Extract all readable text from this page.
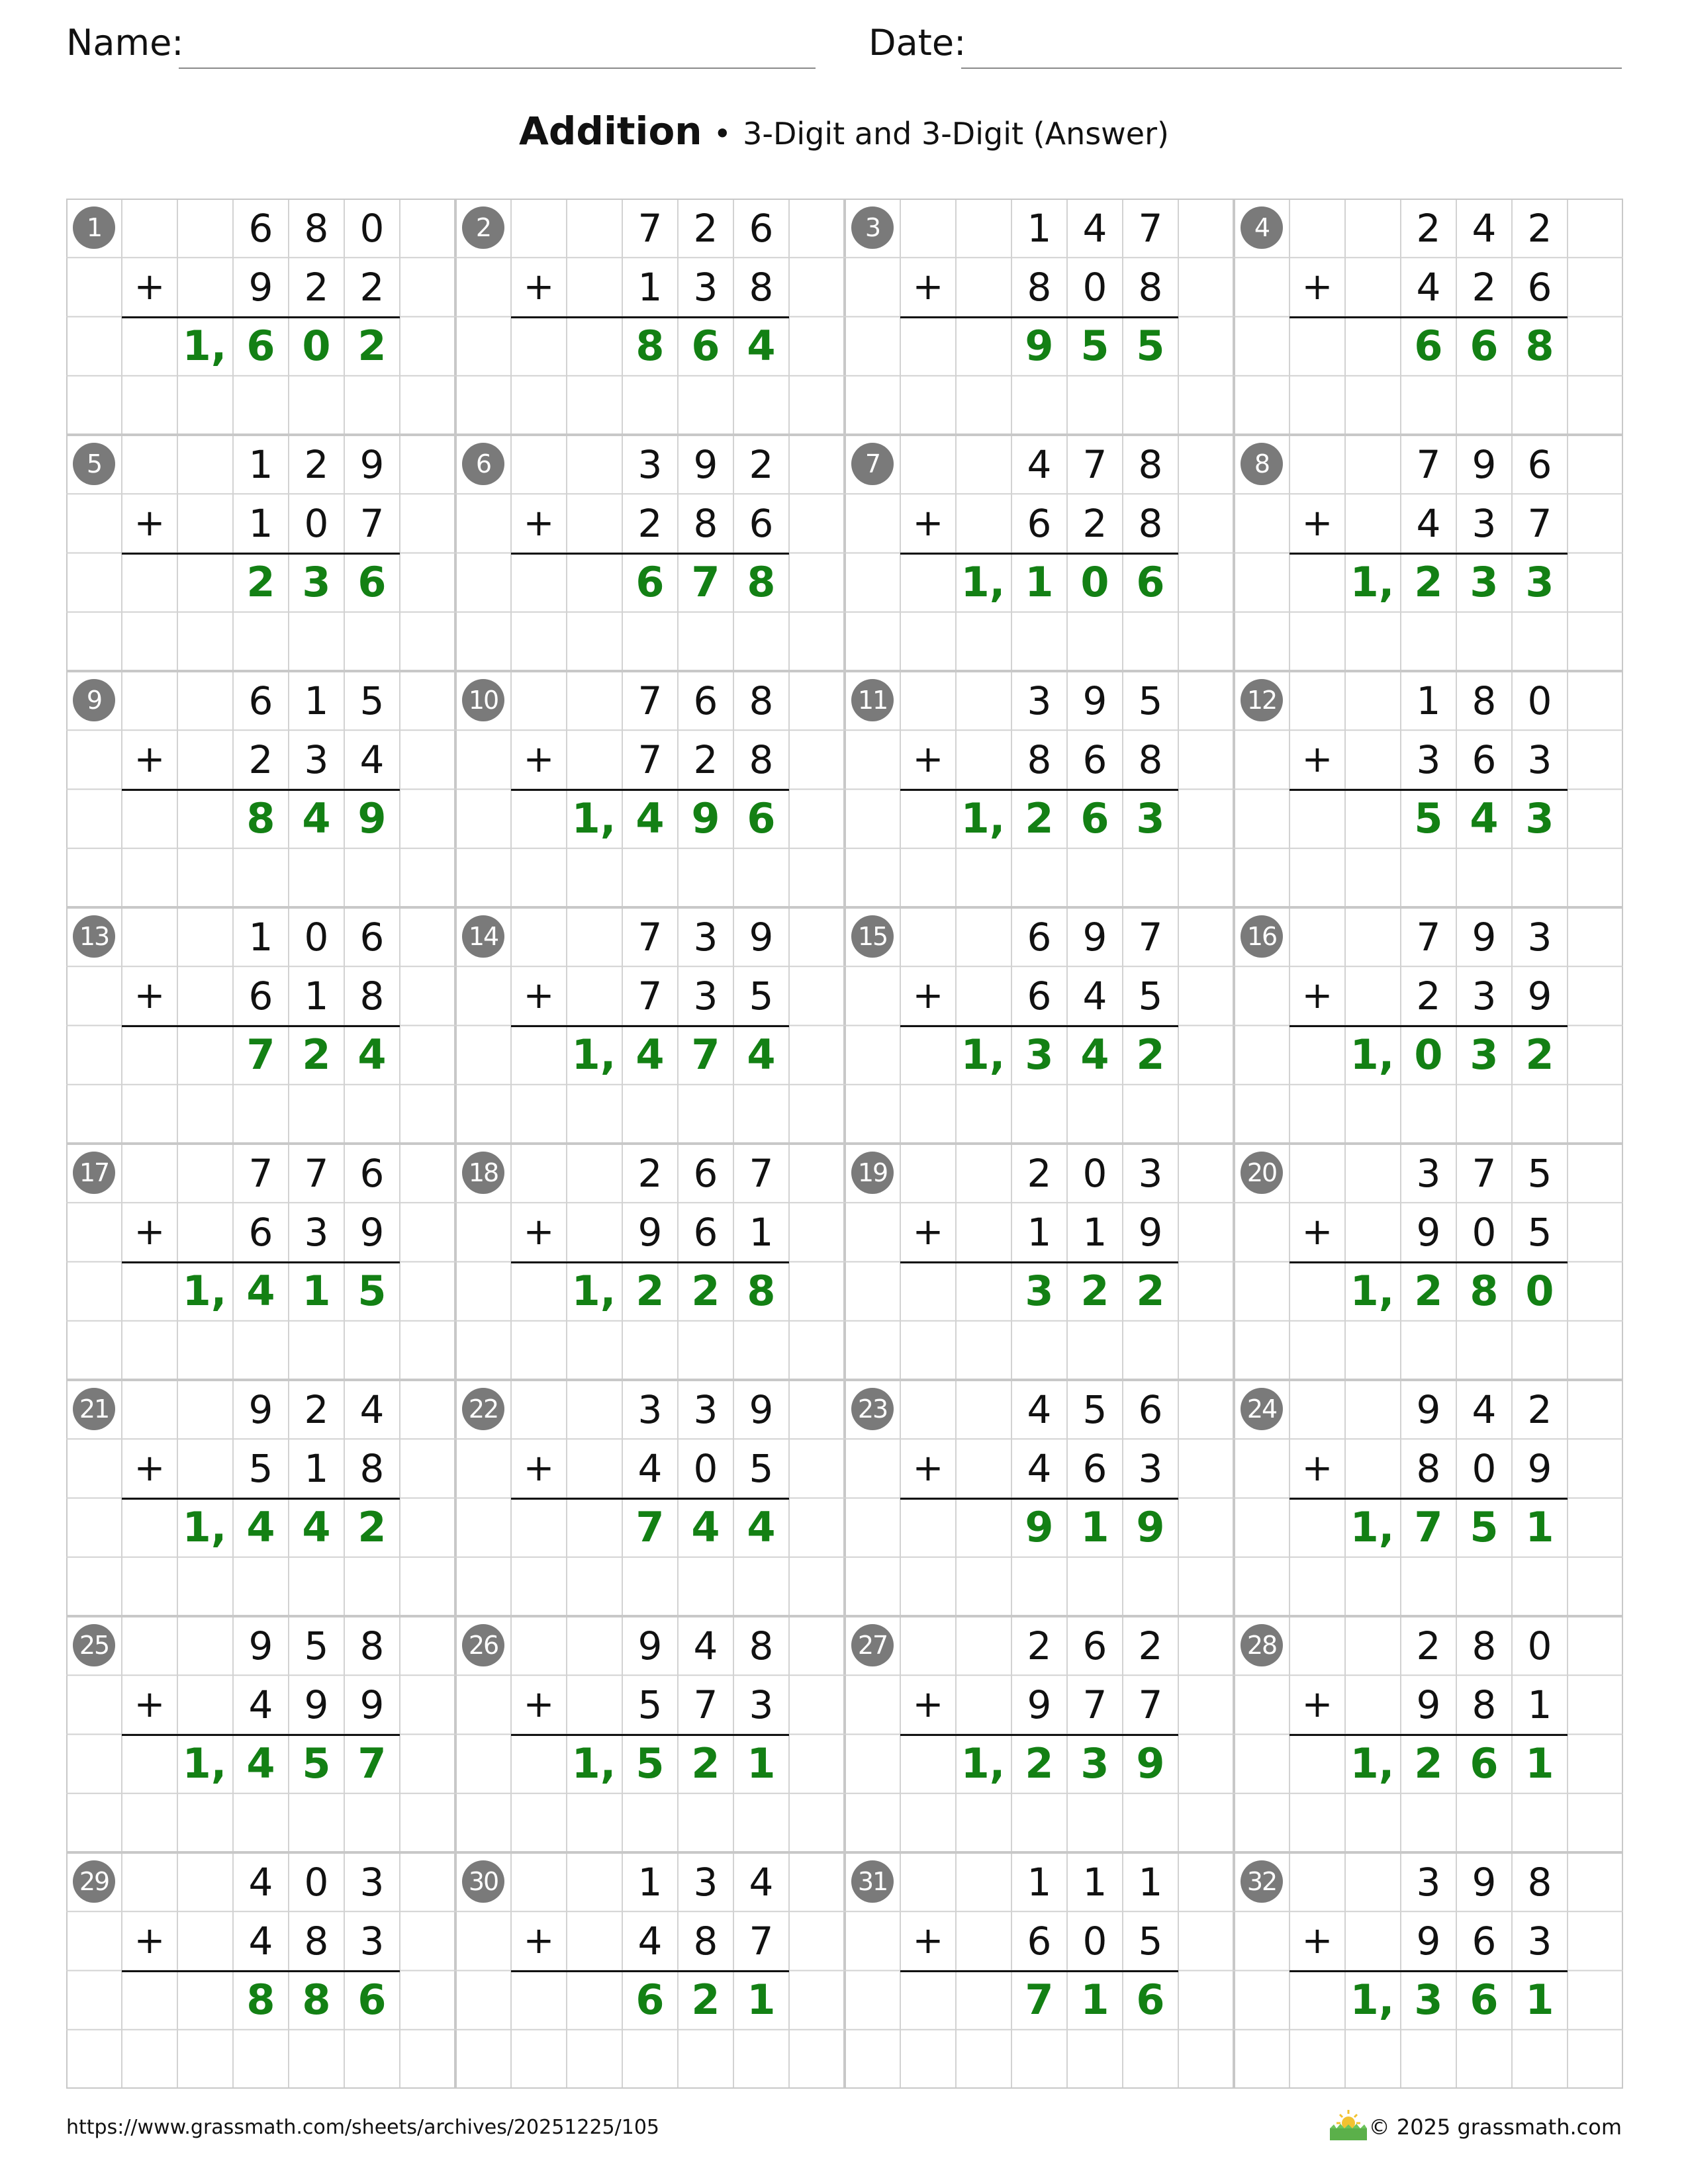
Name:	Date:
Addition • 3-Digit and 3-Digit (Answer)
1	6 8 0
+	9 2 2
1 , 6 0 2
2	7 2 6
+	1 3 8
8 6 4
3	1 4 7
+	8 0 8
9 5 5
4	2 4 2
+	4 2 6
6 6 8
5	1 2 9
+	1 0 7
2 3 6
6	3 9 2
+	2 8 6
6 7 8
7	4 7 8
+	6 2 8
1 , 1 0 6
8	7 9 6
+	4 3 7
1 , 2 3 3
9	6 1 5
+	2 3 4
8 4 9
10	7 6 8
+	7 2 8
1 , 4 9 6
11	3 9 5
+	8 6 8
1 , 2 6 3
12	1 8 0
+	3 6 3
5 4 3
13	1 0 6
+	6 1 8
7 2 4
14	7 3 9
+	7 3 5
1 , 4 7 4
15	6 9 7
+	6 4 5
1 , 3 4 2
16	7 9 3
+	2 3 9
1 , 0 3 2
17	7 7 6
+	6 3 9
1 , 4 1 5
18	2 6 7
+	9 6 1
1 , 2 2 8
19	2 0 3
+	1 1 9
3 2 2
20	3 7 5
+	9 0 5
1 , 2 8 0
21	9 2 4
+	5 1 8
1 , 4 4 2
22	3 3 9
+	4 0 5
7 4 4
23	4 5 6
+	4 6 3
9 1 9
24	9 4 2
+	8 0 9
1 , 7 5 1
25	9 5 8
+	4 9 9
1 , 4 5 7
26	9 4 8
+	5 7 3
1 , 5 2 1
27	2 6 2
+	9 7 7
1 , 2 3 9
28	2 8 0
+	9 8 1
1 , 2 6 1
29	4 0 3
+	4 8 3
8 8 6
30	1 3 4
+	4 8 7
6 2 1
31	1 1 1
+	6 0 5
7 1 6
32	3 9 8
+	9 6 3
1 , 3 6 1
https://www.grassmath.com/sheets/archives/20251225/105	© 2025 grassmath.com
